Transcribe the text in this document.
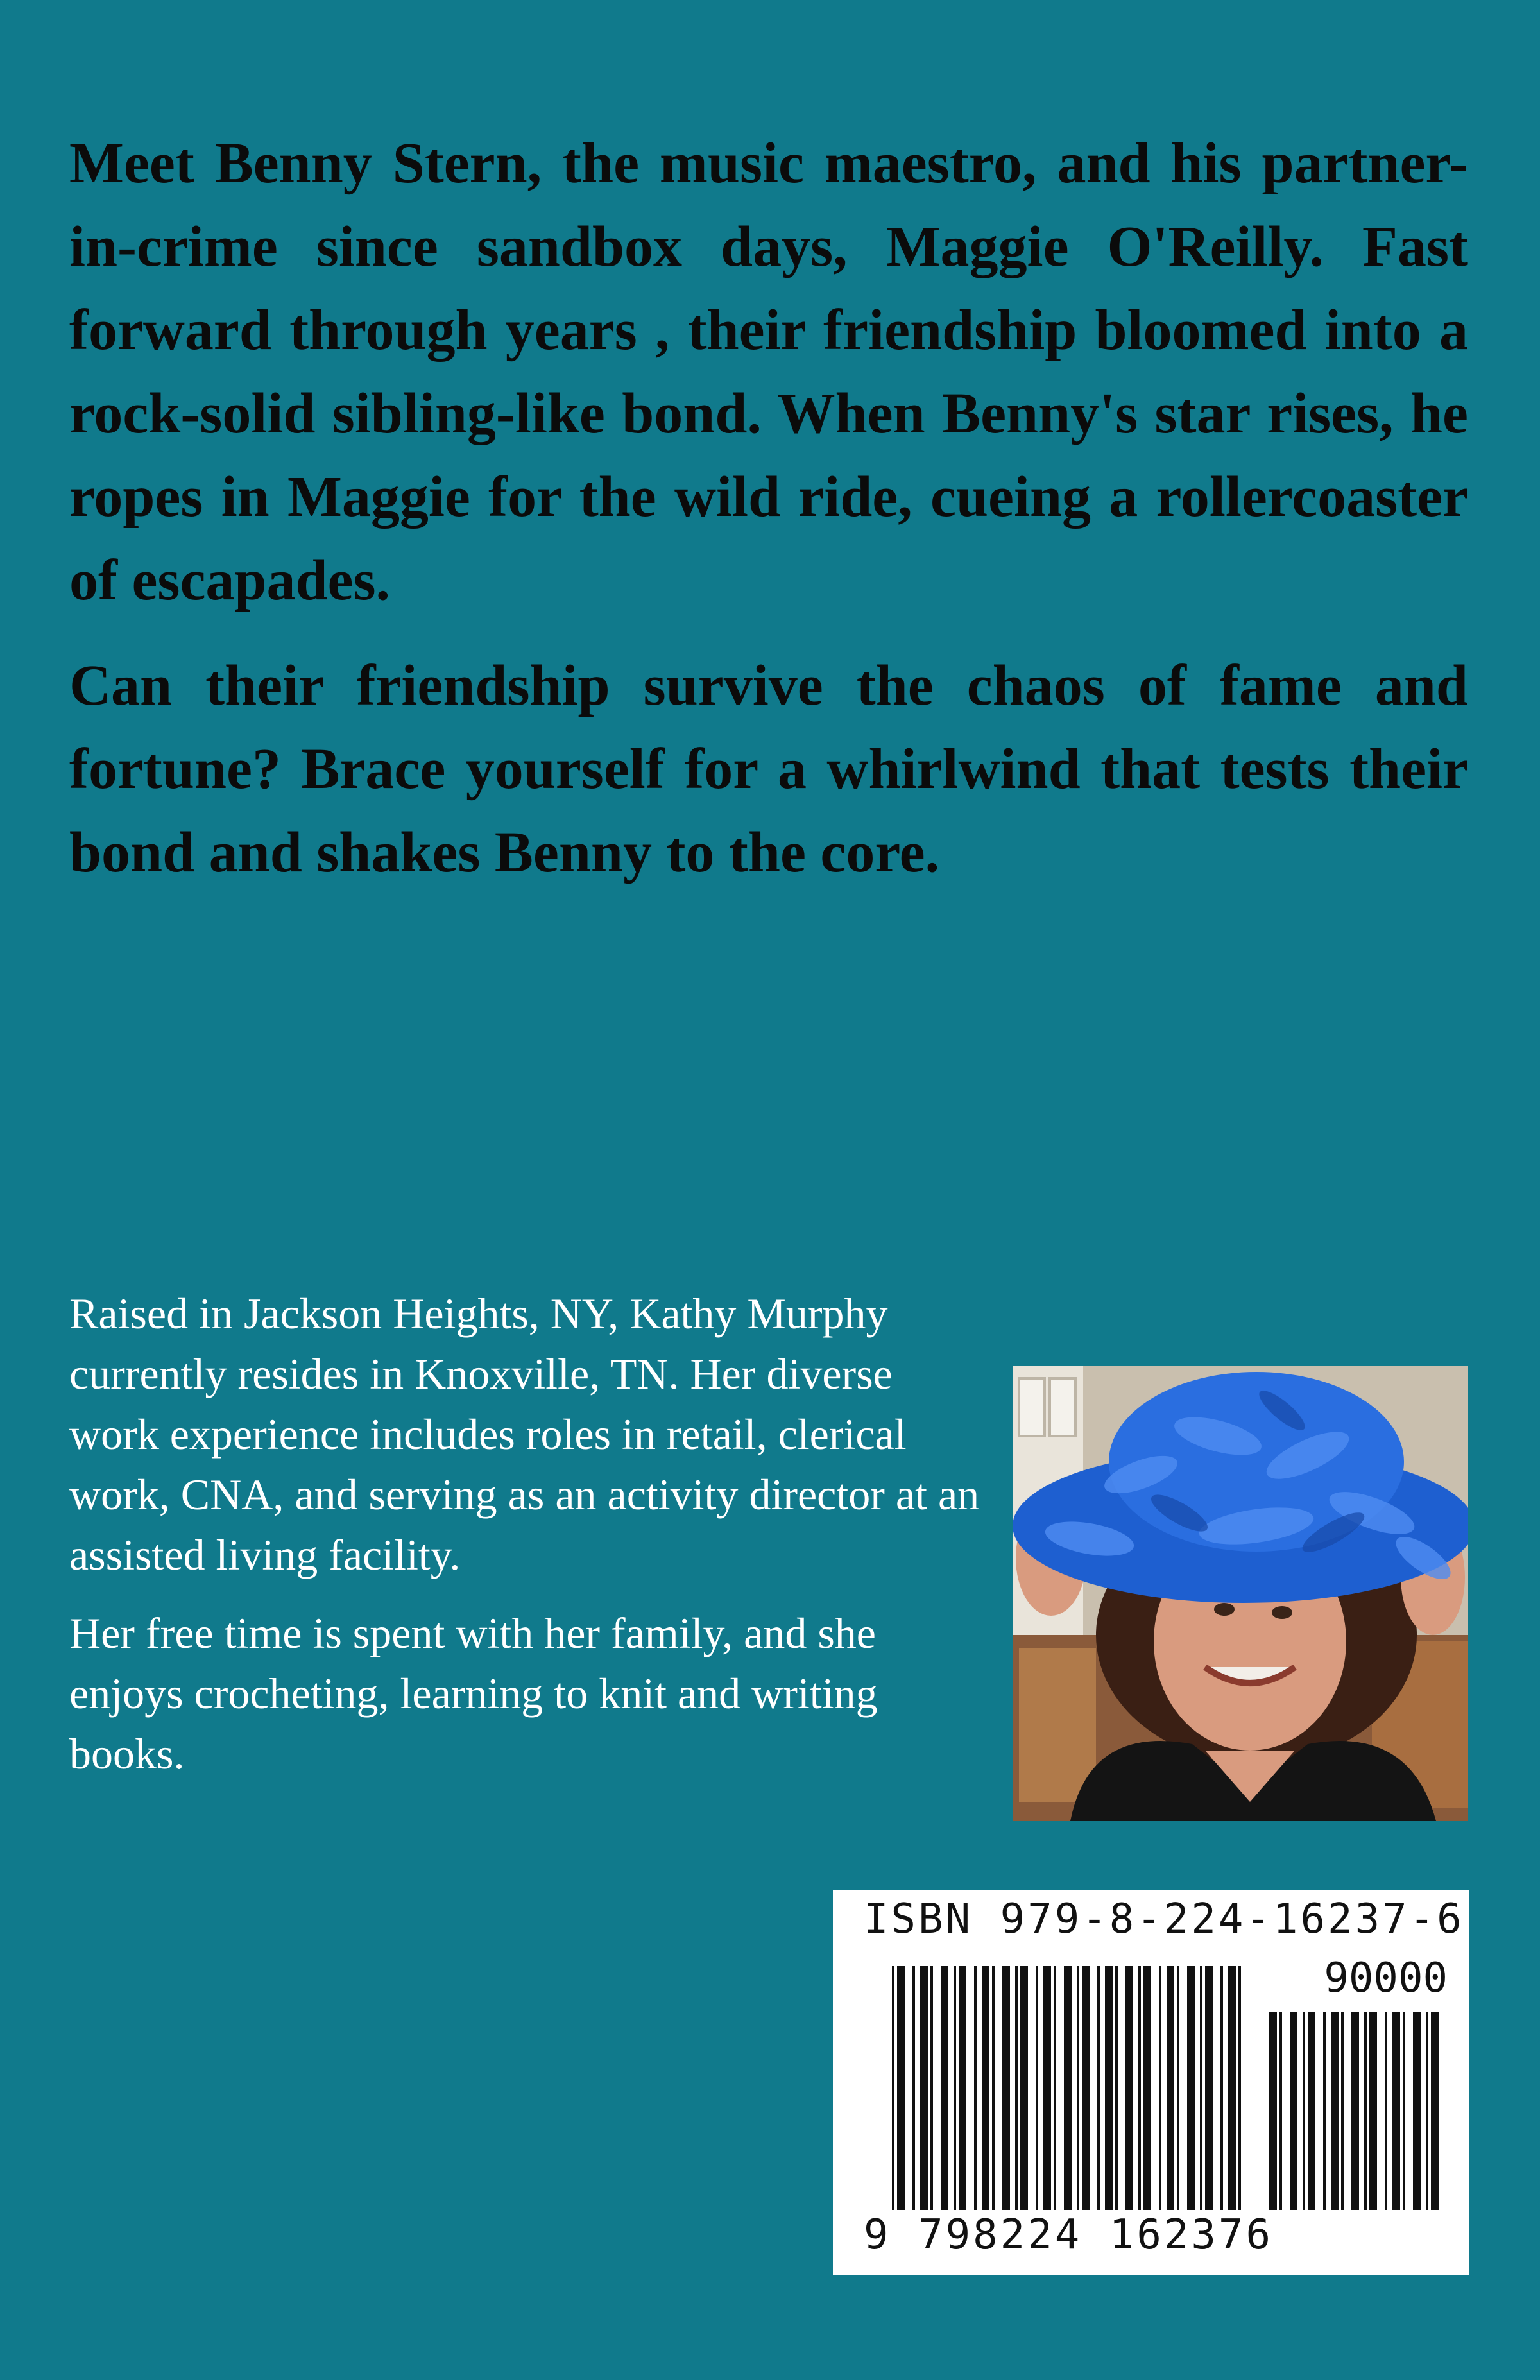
Meet Benny Stern, the music maestro, and his partner-in-crime since sandbox days, Maggie O'Reilly. Fast forward through years , their friendship bloomed into a rock-solid sibling-like bond. When Benny's star rises, he ropes in Maggie for the wild ride, cueing a rollercoaster of escapades.

Can their friendship survive the chaos of fame and fortune? Brace yourself for a whirlwind that tests their bond and shakes Benny to the core.

Raised in Jackson Heights, NY, Kathy Murphy currently resides in Knoxville, TN. Her diverse work experience includes roles in retail, clerical work, CNA, and serving as an activity director at an assisted living facility.

Her free time is spent with her family, and she enjoys crocheting, learning to knit and writing books.

ISBN 979-8-224-16237-6
90000
9 798224 162376
